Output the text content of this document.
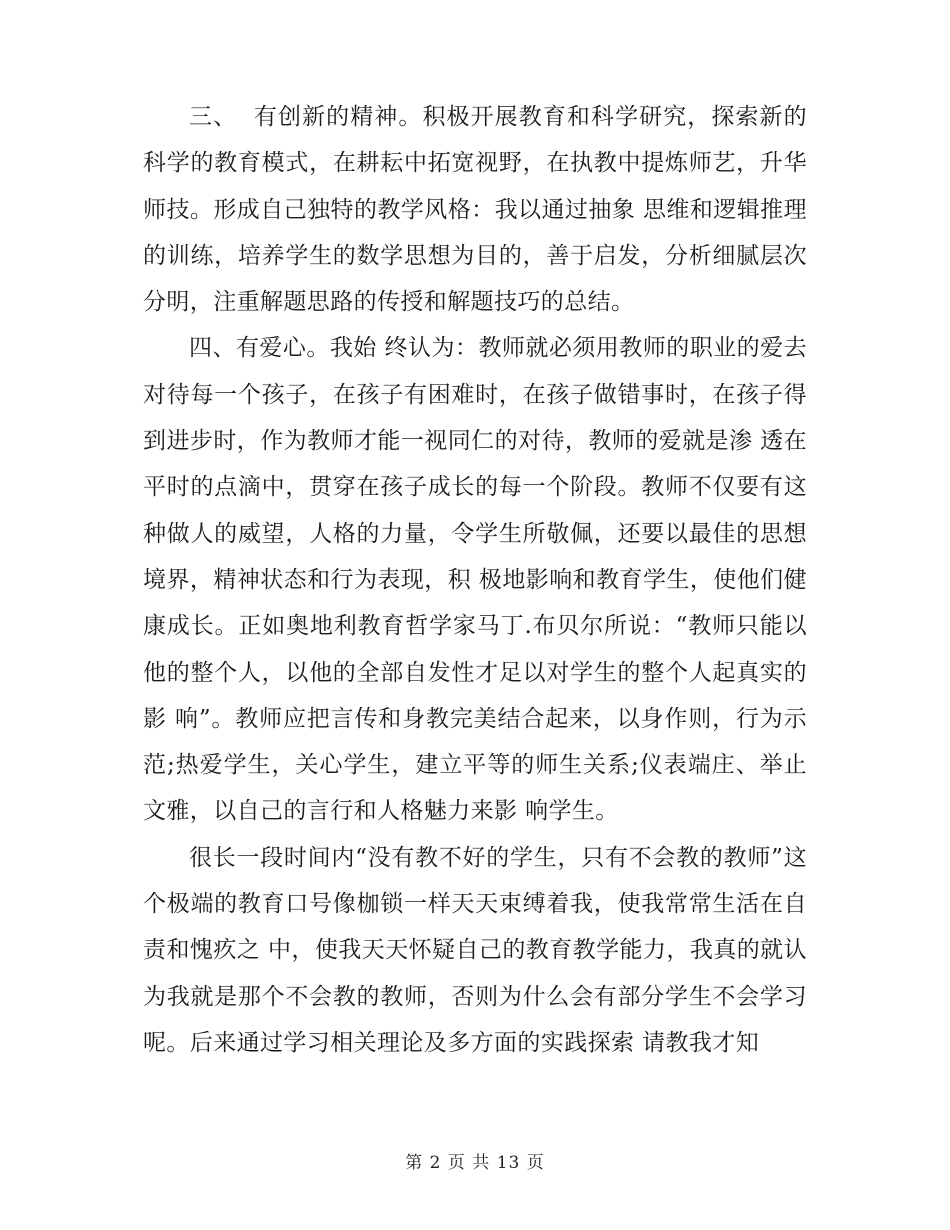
三、  有创新的精神。积极开展教育和科学研究，探索新的科学的教育模式，在耕耘中拓宽视野，在执教中提炼师艺，升华师技。形成自己独特的教学风格：我以通过抽象 思维和逻辑推理的训练，培养学生的数学思想为目的，善于启发，分析细腻层次分明，注重解题思路的传授和解题技巧的总结。

四、有爱心。我始 终认为：教师就必须用教师的职业的爱去对待每一个孩子，在孩子有困难时，在孩子做错事时，在孩子得到进步时，作为教师才能一视同仁的对待，教师的爱就是渗 透在平时的点滴中，贯穿在孩子成长的每一个阶段。教师不仅要有这种做人的威望，人格的力量，令学生所敬佩，还要以最佳的思想境界，精神状态和行为表现，积 极地影响和教育学生，使他们健康成长。正如奥地利教育哲学家马丁.布贝尔所说：“教师只能以他的整个人，以他的全部自发性才足以对学生的整个人起真实的影 响”。教师应把言传和身教完美结合起来，以身作则，行为示范;热爱学生，关心学生，建立平等的师生关系;仪表端庄、举止文雅，以自己的言行和人格魅力来影 响学生。

很长一段时间内“没有教不好的学生，只有不会教的教师”这个极端的教育口号像枷锁一样天天束缚着我，使我常常生活在自责和愧疚之 中，使我天天怀疑自己的教育教学能力，我真的就认为我就是那个不会教的教师，否则为什么会有部分学生不会学习呢。后来通过学习相关理论及多方面的实践探索 请教我才知

第 2 页 共 13 页
